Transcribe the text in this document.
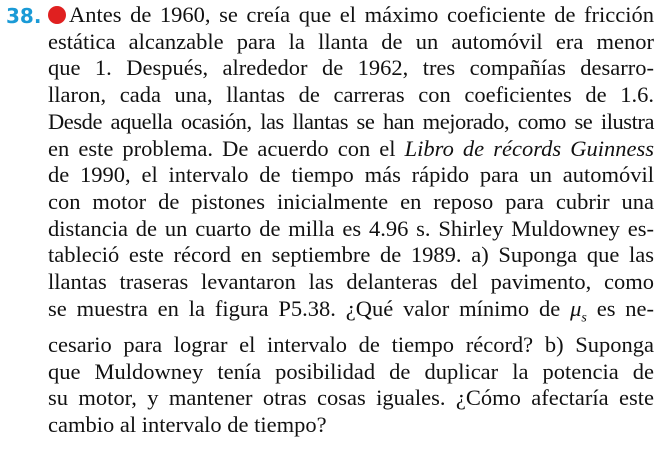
38.	Antes de 1960, se creía que el máximo coeficiente de fricción
estática alcanzable para la llanta de un automóvil era menor
que 1. Después, alrededor de 1962, tres compañías desarro-
llaron, cada una, llantas de carreras con coeficientes de 1.6.
Desde aquella ocasión, las llantas se han mejorado, como se ilustra
en este problema. De acuerdo con el Libro de récords Guinness
de 1990, el intervalo de tiempo más rápido para un automóvil
con motor de pistones inicialmente en reposo para cubrir una
distancia de un cuarto de milla es 4.96 s. Shirley Muldowney es-
tableció este récord en septiembre de 1989. a) Suponga que las
llantas traseras levantaron las delanteras del pavimento, como
se muestra en la figura P5.38. ¿Qué valor mínimo de $\mu_s$ es ne-
cesario para lograr el intervalo de tiempo récord? b) Suponga
que Muldowney tenía posibilidad de duplicar la potencia de
su motor, y mantener otras cosas iguales. ¿Cómo afectaría este
cambio al intervalo de tiempo?
